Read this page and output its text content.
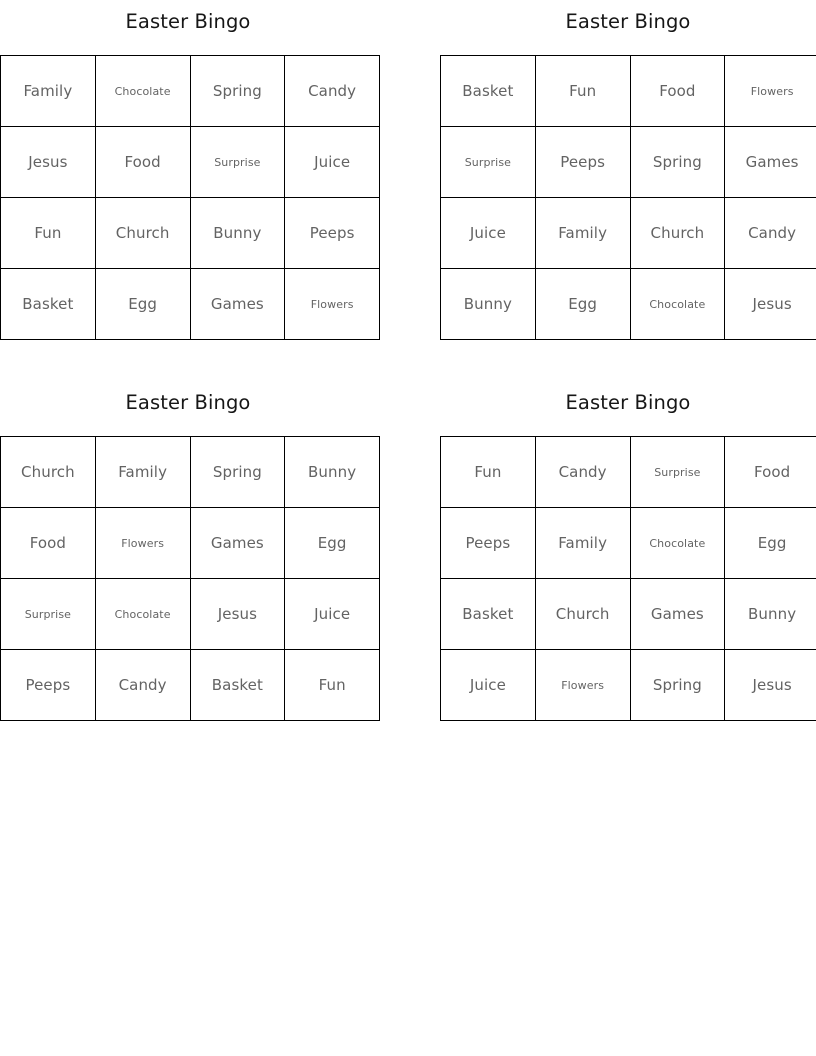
Easter Bingo
Family	Chocolate	Spring	Candy

Jesus	Food	Surprise	Juice

Fun	Church	Bunny	Peeps

Basket	Egg	Games	Flowers
Easter Bingo
Basket	Fun	Food	Flowers

Surprise	Peeps	Spring	Games

Juice	Family	Church	Candy

Bunny	Egg	Chocolate	Jesus
Easter Bingo
Church	Family	Spring	Bunny

Food	Flowers	Games	Egg

Surprise	Chocolate	Jesus	Juice

Peeps	Candy	Basket	Fun
Easter Bingo
Fun	Candy	Surprise	Food

Peeps	Family	Chocolate	Egg

Basket	Church	Games	Bunny

Juice	Flowers	Spring	Jesus
